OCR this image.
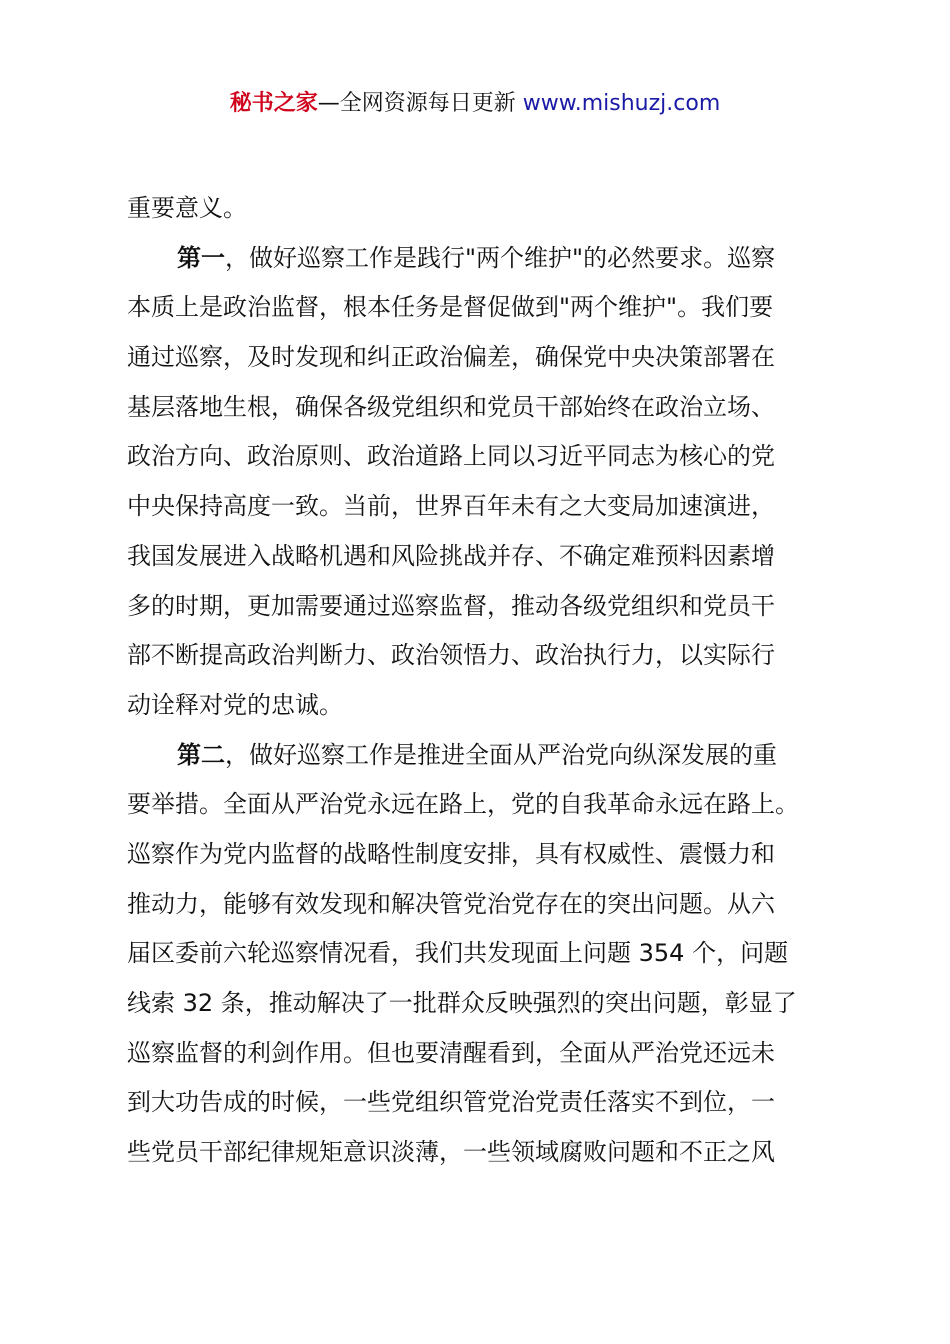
秘书之家—全网资源每日更新 www.mishuzj.com
重要意义。
第一，做好巡察工作是践行"两个维护"的必然要求。巡察
本质上是政治监督，根本任务是督促做到"两个维护"。我们要
通过巡察，及时发现和纠正政治偏差，确保党中央决策部署在
基层落地生根，确保各级党组织和党员干部始终在政治立场、
政治方向、政治原则、政治道路上同以习近平同志为核心的党
中央保持高度一致。当前，世界百年未有之大变局加速演进，
我国发展进入战略机遇和风险挑战并存、不确定难预料因素增
多的时期，更加需要通过巡察监督，推动各级党组织和党员干
部不断提高政治判断力、政治领悟力、政治执行力，以实际行
动诠释对党的忠诚。
第二，做好巡察工作是推进全面从严治党向纵深发展的重
要举措。全面从严治党永远在路上，党的自我革命永远在路上。
巡察作为党内监督的战略性制度安排，具有权威性、震慑力和
推动力，能够有效发现和解决管党治党存在的突出问题。从六
届区委前六轮巡察情况看，我们共发现面上问题 354 个，问题
线索 32 条，推动解决了一批群众反映强烈的突出问题，彰显了
巡察监督的利剑作用。但也要清醒看到，全面从严治党还远未
到大功告成的时候，一些党组织管党治党责任落实不到位，一
些党员干部纪律规矩意识淡薄，一些领域腐败问题和不正之风
